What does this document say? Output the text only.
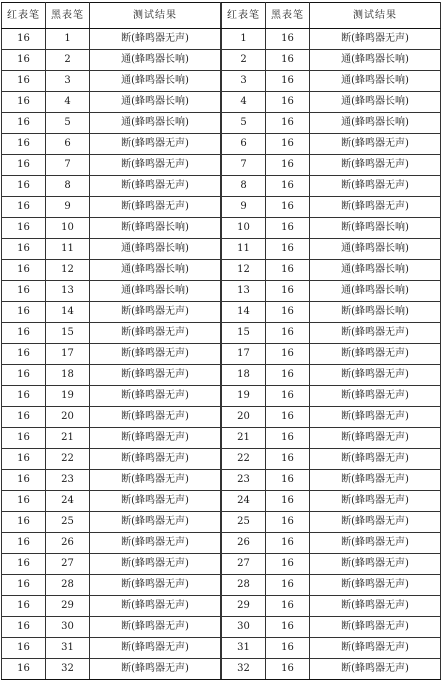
红表笔	黑表笔	测试结果
16	1	断(蜂鸣器无声)
16	2	通(蜂鸣器长响)
16	3	通(蜂鸣器长响)
16	4	通(蜂鸣器长响)
16	5	通(蜂鸣器长响)
16	6	断(蜂鸣器无声)
16	7	断(蜂鸣器无声)
16	8	断(蜂鸣器无声)
16	9	断(蜂鸣器无声)
16	10	断(蜂鸣器长响)
16	11	通(蜂鸣器长响)
16	12	通(蜂鸣器长响)
16	13	通(蜂鸣器长响)
16	14	断(蜂鸣器无声)
16	15	断(蜂鸣器无声)
16	17	断(蜂鸣器无声)
16	18	断(蜂鸣器无声)
16	19	断(蜂鸣器无声)
16	20	断(蜂鸣器无声)
16	21	断(蜂鸣器无声)
16	22	断(蜂鸣器无声)
16	23	断(蜂鸣器无声)
16	24	断(蜂鸣器无声)
16	25	断(蜂鸣器无声)
16	26	断(蜂鸣器无声)
16	27	断(蜂鸣器无声)
16	28	断(蜂鸣器无声)
16	29	断(蜂鸣器无声)
16	30	断(蜂鸣器无声)
16	31	断(蜂鸣器无声)
16	32	断(蜂鸣器无声)
红表笔	黑表笔	测试结果
1	16	断(蜂鸣器无声)
2	16	通(蜂鸣器长响)
3	16	通(蜂鸣器长响)
4	16	通(蜂鸣器长响)
5	16	通(蜂鸣器长响)
6	16	断(蜂鸣器无声)
7	16	断(蜂鸣器无声)
8	16	断(蜂鸣器无声)
9	16	断(蜂鸣器无声)
10	16	断(蜂鸣器长响)
11	16	通(蜂鸣器长响)
12	16	通(蜂鸣器长响)
13	16	通(蜂鸣器长响)
14	16	断(蜂鸣器长响)
15	16	断(蜂鸣器无声)
17	16	断(蜂鸣器无声)
18	16	断(蜂鸣器无声)
19	16	断(蜂鸣器无声)
20	16	断(蜂鸣器无声)
21	16	断(蜂鸣器无声)
22	16	断(蜂鸣器无声)
23	16	断(蜂鸣器无声)
24	16	断(蜂鸣器无声)
25	16	断(蜂鸣器无声)
26	16	断(蜂鸣器无声)
27	16	断(蜂鸣器无声)
28	16	断(蜂鸣器无声)
29	16	断(蜂鸣器无声)
30	16	断(蜂鸣器无声)
31	16	断(蜂鸣器无声)
32	16	断(蜂鸣器无声)
